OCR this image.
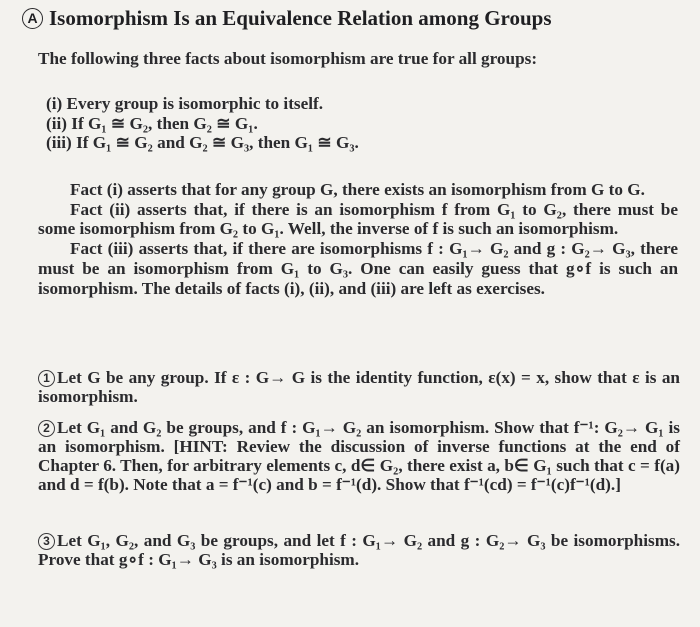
A Isomorphism Is an Equivalence Relation among Groups

The following three facts about isomorphism are true for all groups:

(i) Every group is isomorphic to itself.

(ii) If G₁ ≅ G₂, then G₂ ≅ G₁.

(iii) If G₁ ≅ G₂ and G₂ ≅ G₃, then G₁ ≅ G₃.

Fact (i) asserts that for any group G, there exists an isomorphism from G to G.

Fact (ii) asserts that, if there is an isomorphism f from G₁ to G₂, there must be some isomorphism from G₂ to G₁. Well, the inverse of f is such an isomorphism.

Fact (iii) asserts that, if there are isomorphisms f : G₁→ G₂ and g : G₂→ G₃, there must be an isomorphism from G₁ to G₃. One can easily guess that g∘f is such an isomorphism. The details of facts (i), (ii), and (iii) are left as exercises.

1 Let G be any group. If ε : G→ G is the identity function, ε(x) = x, show that ε is an isomorphism.
2 Let G₁ and G₂ be groups, and f : G₁→ G₂ an isomorphism. Show that f⁻¹: G₂→ G₁ is an isomorphism. [HINT: Review the discussion of inverse functions at the end of Chapter 6. Then, for arbitrary elements c, d∈ G₂, there exist a, b∈ G₁ such that c = f(a) and d = f(b). Note that a = f⁻¹(c) and b = f⁻¹(d). Show that f⁻¹(cd) = f⁻¹(c)f⁻¹(d).]
3 Let G₁, G₂, and G₃ be groups, and let f : G₁→ G₂ and g : G₂→ G₃ be isomorphisms. Prove that g∘f : G₁→ G₃ is an isomorphism.
